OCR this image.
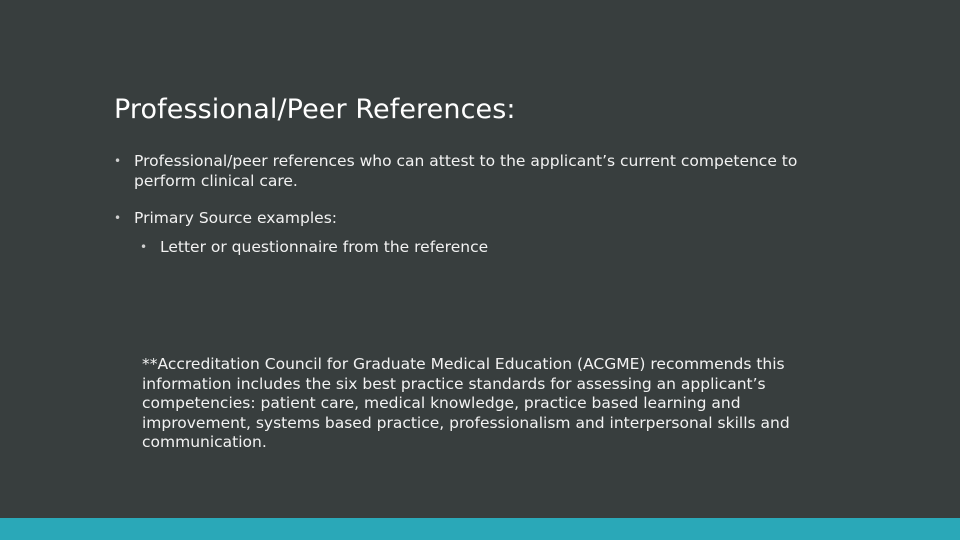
Professional/Peer References:
• Professional/peer references who can attest to the applicant’s current competence to perform clinical care.
• Primary Source examples:
• Letter or questionnaire from the reference

**Accreditation Council for Graduate Medical Education (ACGME) recommends this information includes the six best practice standards for assessing an applicant’s competencies: patient care, medical knowledge, practice based learning and improvement, systems based practice, professionalism and interpersonal skills and communication.
